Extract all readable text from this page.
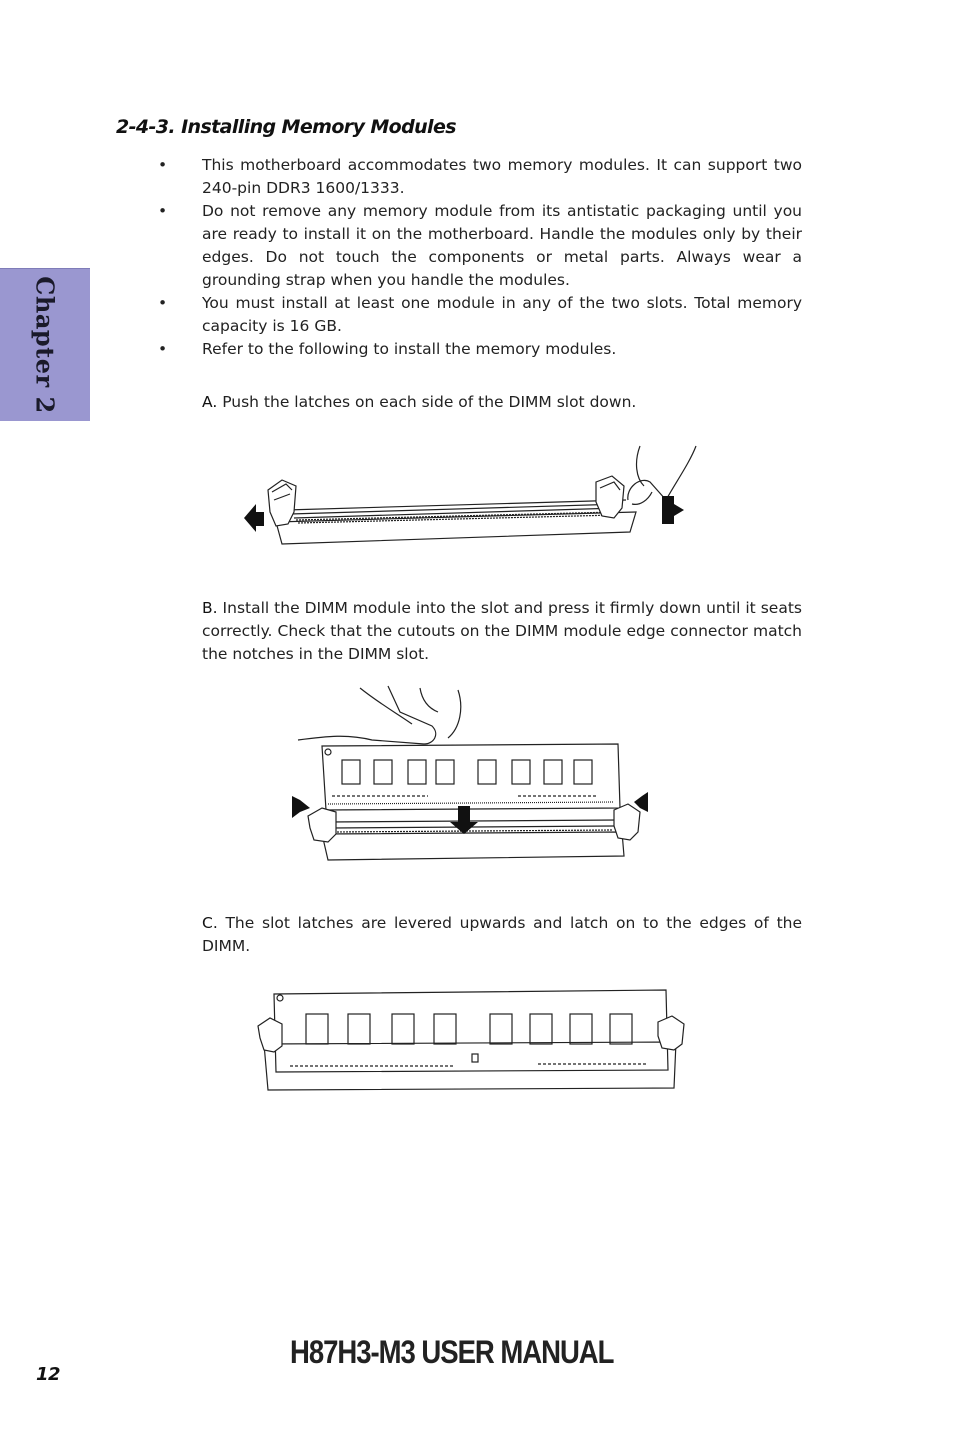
Chapter 2
2-4-3. Installing Memory Modules
• This motherboard accommodates two memory modules. It can support two 240-pin DDR3 1600/1333.
• Do not remove any memory module from its antistatic packaging until you are ready to install it on the motherboard. Handle the modules only by their edges. Do not touch the components or metal parts. Always wear a grounding strap when you handle the modules.
• You must install at least one module in any of the two slots. Total memory capacity is 16 GB.
• Refer to the following to install the memory modules.

A. Push the latches on each side of the DIMM slot down.

B. Install the DIMM module into the slot and press it firmly down until it seats correctly. Check that the cutouts on the DIMM module edge connector match the notches in the DIMM slot.

C. The slot latches are levered upwards and latch on to the edges of the DIMM.

12
H87H3-M3 USER MANUAL
